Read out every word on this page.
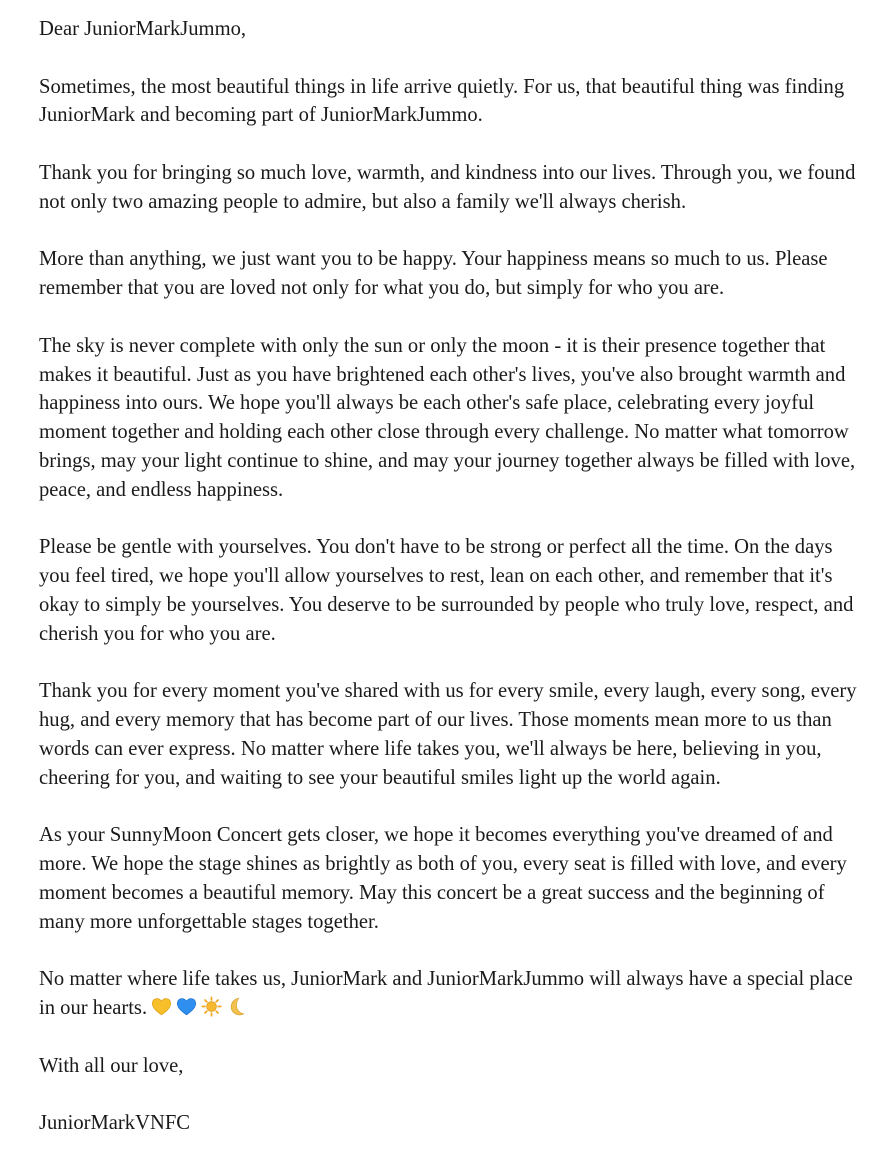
Dear JuniorMarkJummo,

Sometimes, the most beautiful things in life arrive quietly. For us, that beautiful thing was finding JuniorMark and becoming part of JuniorMarkJummo.

Thank you for bringing so much love, warmth, and kindness into our lives. Through you, we found not only two amazing people to admire, but also a family we'll always cherish.

More than anything, we just want you to be happy. Your happiness means so much to us. Please remember that you are loved not only for what you do, but simply for who you are.

The sky is never complete with only the sun or only the moon - it is their presence together that makes it beautiful. Just as you have brightened each other's lives, you've also brought warmth and happiness into ours. We hope you'll always be each other's safe place, celebrating every joyful moment together and holding each other close through every challenge. No matter what tomorrow brings, may your light continue to shine, and may your journey together always be filled with love, peace, and endless happiness.

Please be gentle with yourselves. You don't have to be strong or perfect all the time. On the days you feel tired, we hope you'll allow yourselves to rest, lean on each other, and remember that it's okay to simply be yourselves. You deserve to be surrounded by people who truly love, respect, and cherish you for who you are.

Thank you for every moment you've shared with us for every smile, every laugh, every song, every hug, and every memory that has become part of our lives. Those moments mean more to us than words can ever express. No matter where life takes you, we'll always be here, believing in you, cheering for you, and waiting to see your beautiful smiles light up the world again.

As your SunnyMoon Concert gets closer, we hope it becomes everything you've dreamed of and more. We hope the stage shines as brightly as both of you, every seat is filled with love, and every moment becomes a beautiful memory. May this concert be a great success and the beginning of many more unforgettable stages together.

No matter where life takes us, JuniorMark and JuniorMarkJummo will always have a special place in our hearts.

With all our love,

JuniorMarkVNFC
